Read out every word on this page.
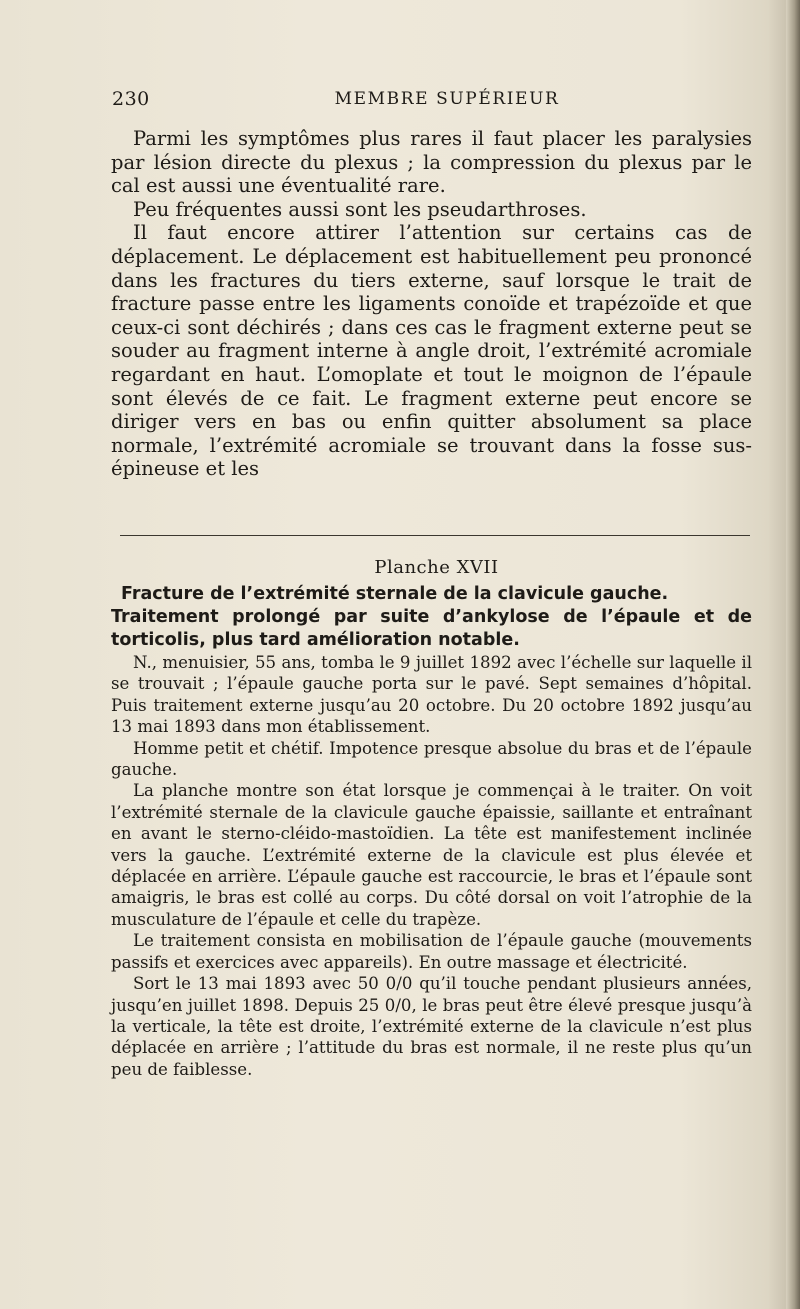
230	MEMBRE SUPÉRIEUR

Parmi les symptômes plus rares il faut placer les paralysies par lésion directe du plexus ; la compression du plexus par le cal est aussi une éventualité rare.

Peu fréquentes aussi sont les pseudarthroses.

Il faut encore attirer l’attention sur certains cas de déplacement. Le déplacement est habituellement peu prononcé dans les fractures du tiers externe, sauf lorsque le trait de fracture passe entre les ligaments conoïde et trapézoïde et que ceux-ci sont déchirés ; dans ces cas le fragment externe peut se souder au fragment interne à angle droit, l’extrémité acromiale regardant en haut. L’omoplate et tout le moignon de l’épaule sont élevés de ce fait. Le fragment externe peut encore se diriger vers en bas ou enfin quitter absolument sa place normale, l’extrémité acromiale se trouvant dans la fosse sus-épineuse et les

Planche XVII

Fracture de l’extrémité sternale de la clavicule gauche.

Traitement prolongé par suite d’ankylose de l’épaule et de torticolis, plus tard amélioration notable.

N., menuisier, 55 ans, tomba le 9 juillet 1892 avec l’échelle sur laquelle il se trouvait ; l’épaule gauche porta sur le pavé. Sept semaines d’hôpital. Puis traitement externe jusqu’au 20 octobre. Du 20 octobre 1892 jusqu’au 13 mai 1893 dans mon établissement.

Homme petit et chétif. Impotence presque absolue du bras et de l’épaule gauche.

La planche montre son état lorsque je commençai à le traiter. On voit l’extrémité sternale de la clavicule gauche épaissie, saillante et entraînant en avant le sterno-cléido-mastoïdien. La tête est manifestement inclinée vers la gauche. L’extrémité externe de la clavicule est plus élevée et déplacée en arrière. L’épaule gauche est raccourcie, le bras et l’épaule sont amaigris, le bras est collé au corps. Du côté dorsal on voit l’atrophie de la musculature de l’épaule et celle du trapèze.

Le traitement consista en mobilisation de l’épaule gauche (mouvements passifs et exercices avec appareils). En outre massage et électricité.

Sort le 13 mai 1893 avec 50 0/0 qu’il touche pendant plusieurs années, jusqu’en juillet 1898. Depuis 25 0/0, le bras peut être élevé presque jusqu’à la verticale, la tête est droite, l’extrémité externe de la clavicule n’est plus déplacée en arrière ; l’attitude du bras est normale, il ne reste plus qu’un peu de faiblesse.
